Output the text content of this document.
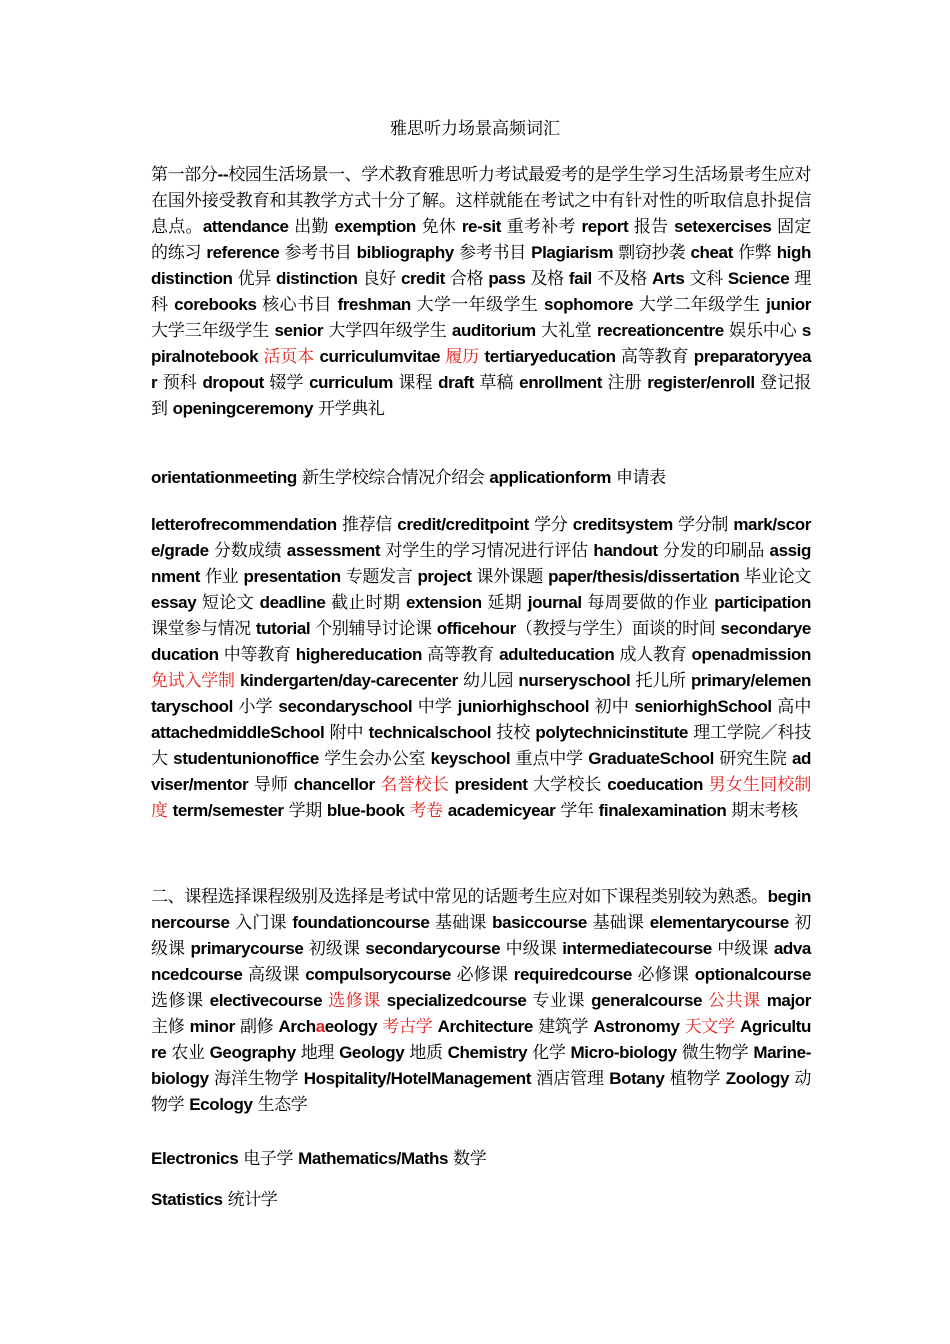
雅思听力场景高频词汇
第一部分--校园生活场景一、学术教育雅思听力考试最爱考的是学生学习生活场景考生应对在国外接受教育和其教学方式十分了解。这样就能在考试之中有针对性的听取信息扑捉信息点。attendance 出勤 exemption 免休 re-sit 重考补考 report 报告 setexercises 固定的练习 reference 参考书目 bibliography 参考书目 Plagiarism 剽窃抄袭 cheat 作弊 highdistinction 优异 distinction 良好 credit 合格 pass 及格 fail 不及格 Arts 文科 Science 理科 corebooks 核心书目 freshman 大学一年级学生 sophomore 大学二年级学生 junior 大学三年级学生 senior 大学四年级学生 auditorium 大礼堂 recreationcentre 娱乐中心 spiralnotebook 活页本 curriculumvitae 履历 tertiaryeducation 高等教育 preparatoryyear 预科 dropout 辍学 curriculum 课程 draft 草稿 enrollment 注册 register/enroll 登记报到 openingceremony 开学典礼
orientationmeeting 新生学校综合情况介绍会 applicationform 申请表
letterofrecommendation 推荐信 credit/creditpoint 学分 creditsystem 学分制 mark/score/grade 分数成绩 assessment 对学生的学习情况进行评估 handout 分发的印刷品 assignment 作业 presentation 专题发言 project 课外课题 paper/thesis/dissertation 毕业论文 essay 短论文 deadline 截止时期 extension 延期 journal 每周要做的作业 participation 课堂参与情况 tutorial 个别辅导讨论课 officehour（教授与学生）面谈的时间 secondaryeducation 中等教育 highereducation 高等教育 adulteducation 成人教育 openadmission 免试入学制 kindergarten/day-carecenter 幼儿园 nurseryschool 托儿所 primary/elementaryschool 小学 secondaryschool 中学 juniorhighschool 初中 seniorhighSchool 高中 attachedmiddleSchool 附中 technicalschool 技校 polytechnicinstitute 理工学院／科技大 studentunionoffice 学生会办公室 keyschool 重点中学 GraduateSchool 研究生院 adviser/mentor 导师 chancellor 名誉校长 president 大学校长 coeducation 男女生同校制度 term/semester 学期 blue-book 考卷 academicyear 学年 finalexamination 期末考核
二、课程选择课程级别及选择是考试中常见的话题考生应对如下课程类别较为熟悉。beginnercourse 入门课 foundationcourse 基础课 basiccourse 基础课 elementarycourse 初级课 primarycourse 初级课 secondarycourse 中级课 intermediatecourse 中级课 advancedcourse 高级课 compulsorycourse 必修课 requiredcourse 必修课 optionalcourse 选修课 electivecourse 选修课 specializedcourse 专业课 generalcourse 公共课 major 主修 minor 副修 Archaeology 考古学 Architecture 建筑学 Astronomy 天文学 Agriculture 农业 Geography 地理 Geology 地质 Chemistry 化学 Micro-biology 微生物学 Marine-biology 海洋生物学 Hospitality/HotelManagement 酒店管理 Botany 植物学 Zoology 动物学 Ecology 生态学
Electronics 电子学 Mathematics/Maths 数学
Statistics 统计学
